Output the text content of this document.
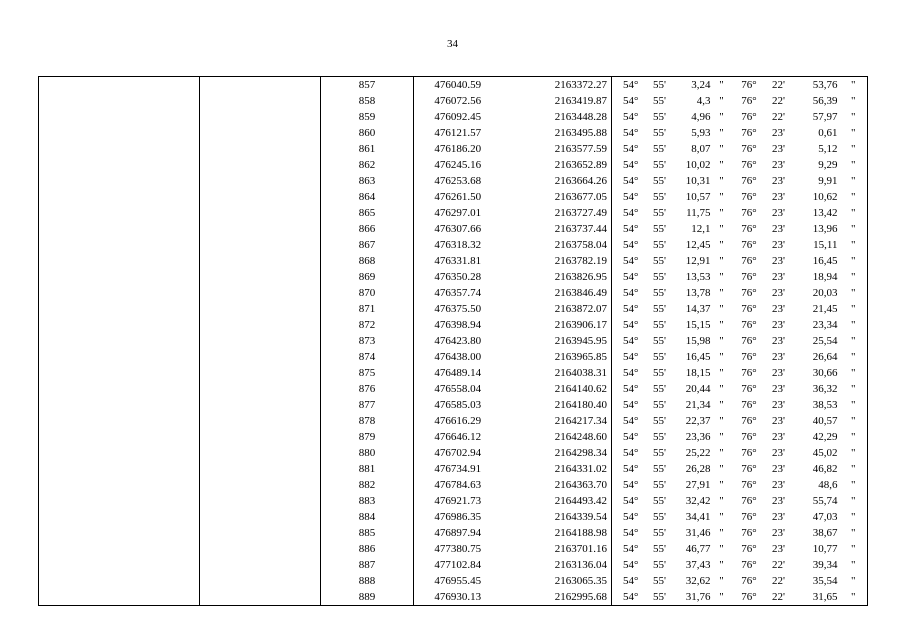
34
		857	476040.59	2163372.27	54°	55'	3,24	"	76°	22'	53,76	"
		858	476072.56	2163419.87	54°	55'	4,3	"	76°	22'	56,39	"
		859	476092.45	2163448.28	54°	55'	4,96	"	76°	22'	57,97	"
		860	476121.57	2163495.88	54°	55'	5,93	"	76°	23'	0,61	"
		861	476186.20	2163577.59	54°	55'	8,07	"	76°	23'	5,12	"
		862	476245.16	2163652.89	54°	55'	10,02	"	76°	23'	9,29	"
		863	476253.68	2163664.26	54°	55'	10,31	"	76°	23'	9,91	"
		864	476261.50	2163677.05	54°	55'	10,57	"	76°	23'	10,62	"
		865	476297.01	2163727.49	54°	55'	11,75	"	76°	23'	13,42	"
		866	476307.66	2163737.44	54°	55'	12,1	"	76°	23'	13,96	"
		867	476318.32	2163758.04	54°	55'	12,45	"	76°	23'	15,11	"
		868	476331.81	2163782.19	54°	55'	12,91	"	76°	23'	16,45	"
		869	476350.28	2163826.95	54°	55'	13,53	"	76°	23'	18,94	"
		870	476357.74	2163846.49	54°	55'	13,78	"	76°	23'	20,03	"
		871	476375.50	2163872.07	54°	55'	14,37	"	76°	23'	21,45	"
		872	476398.94	2163906.17	54°	55'	15,15	"	76°	23'	23,34	"
		873	476423.80	2163945.95	54°	55'	15,98	"	76°	23'	25,54	"
		874	476438.00	2163965.85	54°	55'	16,45	"	76°	23'	26,64	"
		875	476489.14	2164038.31	54°	55'	18,15	"	76°	23'	30,66	"
		876	476558.04	2164140.62	54°	55'	20,44	"	76°	23'	36,32	"
		877	476585.03	2164180.40	54°	55'	21,34	"	76°	23'	38,53	"
		878	476616.29	2164217.34	54°	55'	22,37	"	76°	23'	40,57	"
		879	476646.12	2164248.60	54°	55'	23,36	"	76°	23'	42,29	"
		880	476702.94	2164298.34	54°	55'	25,22	"	76°	23'	45,02	"
		881	476734.91	2164331.02	54°	55'	26,28	"	76°	23'	46,82	"
		882	476784.63	2164363.70	54°	55'	27,91	"	76°	23'	48,6	"
		883	476921.73	2164493.42	54°	55'	32,42	"	76°	23'	55,74	"
		884	476986.35	2164339.54	54°	55'	34,41	"	76°	23'	47,03	"
		885	476897.94	2164188.98	54°	55'	31,46	"	76°	23'	38,67	"
		886	477380.75	2163701.16	54°	55'	46,77	"	76°	23'	10,77	"
		887	477102.84	2163136.04	54°	55'	37,43	"	76°	22'	39,34	"
		888	476955.45	2163065.35	54°	55'	32,62	"	76°	22'	35,54	"
		889	476930.13	2162995.68	54°	55'	31,76	"	76°	22'	31,65	"
